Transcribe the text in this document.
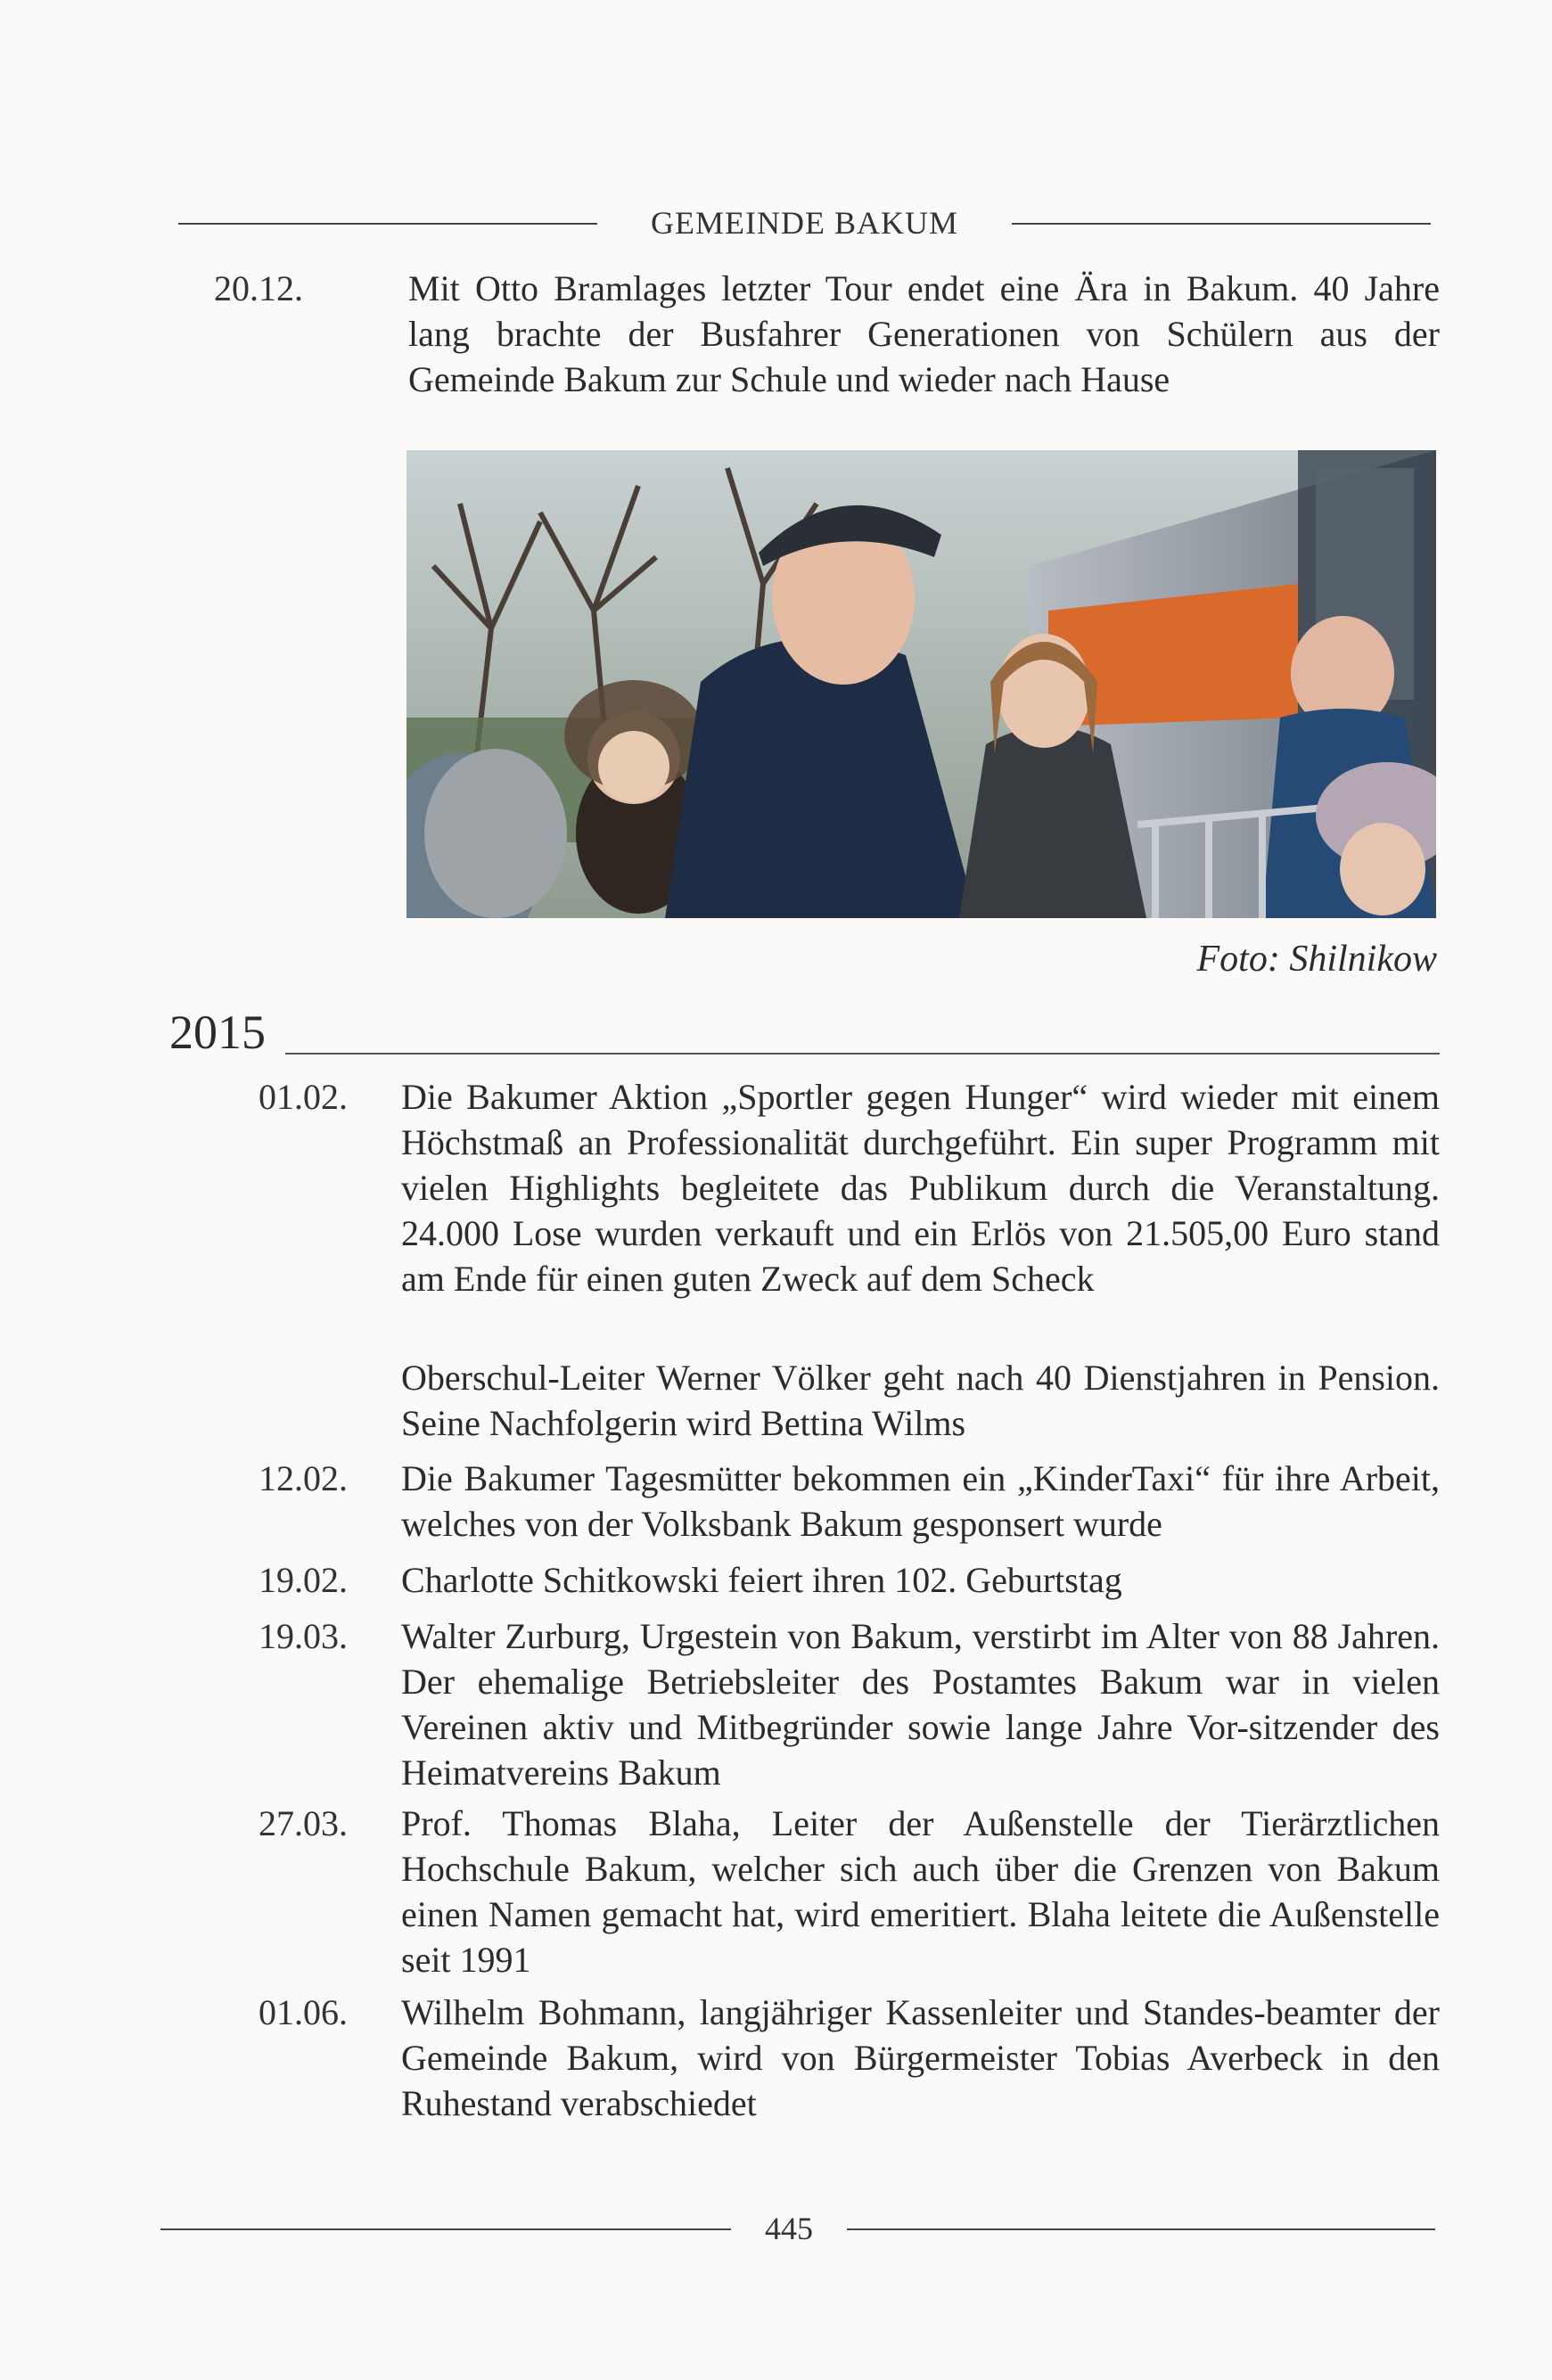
GEMEINDE BAKUM
20.12.	Mit Otto Bramlages letzter Tour endet eine Ära in Bakum. 40 Jahre lang brachte der Busfahrer Generationen von Schülern aus der Gemeinde Bakum zur Schule und wieder nach Hause
Foto: Shilnikow
2015
01.02. Die Bakumer Aktion „Sportler gegen Hunger“ wird wieder mit einem Höchstmaß an Professionalität durchgeführt. Ein super Programm mit vielen Highlights begleitete das Publikum durch die Veranstaltung. 24.000 Lose wurden verkauft und ein Erlös von 21.505,00 Euro stand am Ende für einen guten Zweck auf dem Scheck
Oberschul-Leiter Werner Völker geht nach 40 Dienstjahren in Pension. Seine Nachfolgerin wird Bettina Wilms
12.02. Die Bakumer Tagesmütter bekommen ein „KinderTaxi“ für ihre Arbeit, welches von der Volksbank Bakum gesponsert wurde
19.02. Charlotte Schitkowski feiert ihren 102. Geburtstag
19.03. Walter Zurburg, Urgestein von Bakum, verstirbt im Alter von 88 Jahren. Der ehemalige Betriebsleiter des Postamtes Bakum war in vielen Vereinen aktiv und Mitbegründer sowie lange Jahre Vor-sitzender des Heimatvereins Bakum
27.03. Prof. Thomas Blaha, Leiter der Außenstelle der Tierärztlichen Hochschule Bakum, welcher sich auch über die Grenzen von Bakum einen Namen gemacht hat, wird emeritiert. Blaha leitete die Außenstelle seit 1991
01.06. Wilhelm Bohmann, langjähriger Kassenleiter und Standes-beamter der Gemeinde Bakum, wird von Bürgermeister Tobias Averbeck in den Ruhestand verabschiedet
445
